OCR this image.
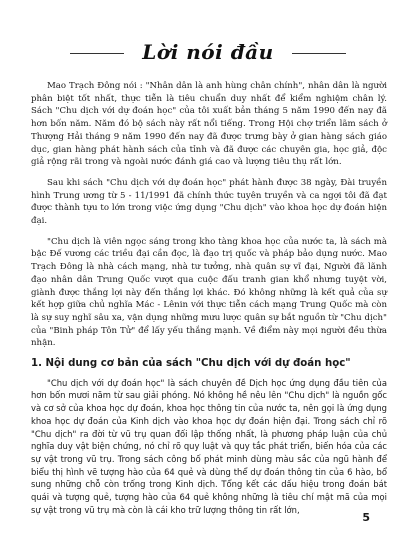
Lời nói đầu

Mao Trạch Đông nói : "Nhân dân là anh hùng chân chính", nhân dân là người phân biệt tốt nhất, thực tiễn là tiêu chuẩn duy nhất để kiểm nghiệm chân lý. Sách "Chu dịch với dự đoán học" của tôi xuất bản tháng 5 năm 1990 đến nay đã hơn bốn năm. Năm đó bộ sách này rất nổi tiếng. Trong Hội chợ triển lãm sách ở Thượng Hải tháng 9 năm 1990 đến nay đã được trưng bày ở gian hàng sách giáo dục, gian hàng phát hành sách của tỉnh và đã được các chuyên gia, học giả, độc giả rộng rãi trong và ngoài nước đánh giá cao và lượng tiêu thụ rất lớn.

Sau khi sách "Chu dịch với dự đoán học" phát hành được 38 ngày, Đài truyền hình Trung ương từ 5 - 11/1991 đã chính thức tuyên truyền và ca ngợi tôi đã đạt được thành tựu to lớn trong việc ứng dụng "Chu dịch" vào khoa học dự đoán hiện đại.

"Chu dịch là viên ngọc sáng trong kho tàng khoa học của nước ta, là sách mà bậc Đế vương các triều đại cần đọc, là đạo trị quốc và pháp bảo dụng nước. Mao Trạch Đông là nhà cách mạng, nhà tư tưởng, nhà quân sự vĩ đại, Người đã lãnh đạo nhân dân Trung Quốc vượt qua cuộc đấu tranh gian khổ nhưng tuyệt vời, giành được thắng lợi này đến thắng lợi khác. Đó không những là kết quả của sự kết hợp giữa chủ nghĩa Mác - Lênin với thực tiễn cách mạng Trung Quốc mà còn là sự suy nghĩ sâu xa, vận dụng những mưu lược quân sự bắt nguồn từ "Chu dịch" của "Binh pháp Tôn Tử" để lấy yếu thắng mạnh. Về điểm này mọi người đều thừa nhận.

1. Nội dung cơ bản của sách "Chu dịch với dự đoán học"

"Chu dịch với dự đoán học" là sách chuyên đề Dịch học ứng dụng đầu tiên của hơn bốn mươi năm từ sau giải phóng. Nó không hề nêu lên "Chu dịch" là nguồn gốc và cơ sở của khoa học dự đoán, khoa học thông tin của nước ta, nên gọi là ứng dụng khoa học dự đoán của Kinh dịch vào khoa học dự đoán hiện đại. Trong sách chỉ rõ "Chu dịch" ra đời từ vũ trụ quan đối lập thống nhất, là phương pháp luận của chủ nghĩa duy vật biện chứng, nó chỉ rõ quy luật và quy tắc phát triển, biến hóa của các sự vật trong vũ trụ. Trong sách công bố phát minh dùng màu sắc của ngũ hành để biểu thị hình vẽ tượng hào của 64 quẻ và dùng thể dự đoán thông tin của 6 hào, bổ sung những chỗ còn trống trong Kinh dịch. Tổng kết các dấu hiệu trong đoán bát quái và tượng quẻ, tượng hào của 64 quẻ không những là tiêu chí mật mã của mọi sự vật trong vũ trụ mà còn là cái kho trữ lượng thông tin rất lớn,

5
